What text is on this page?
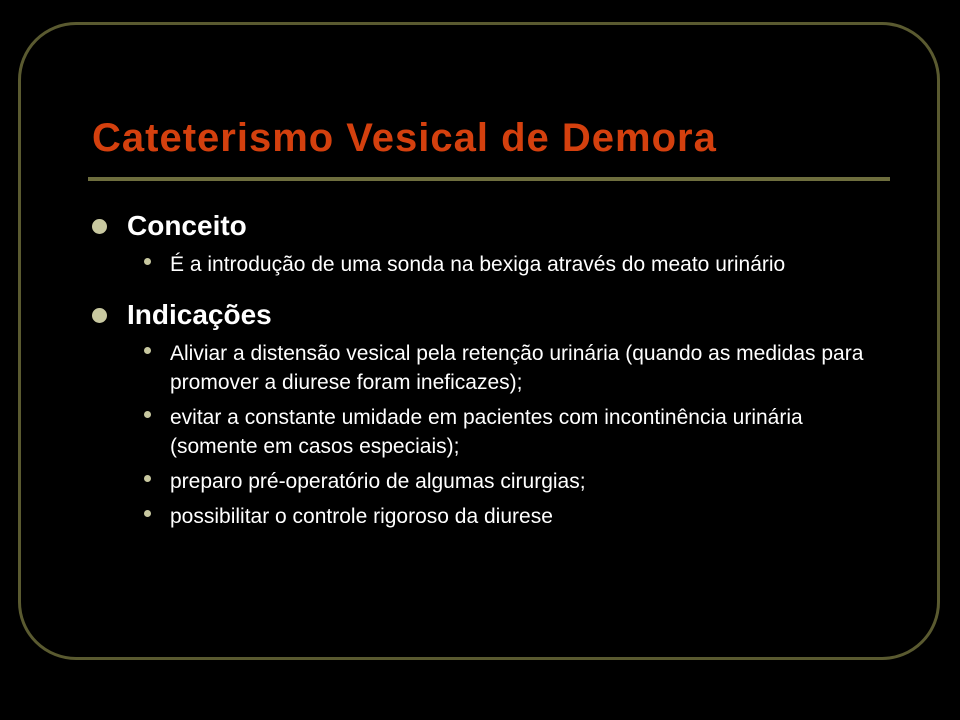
Cateterismo Vesical de Demora
Conceito
É a introdução de uma sonda na bexiga através do meato urinário
Indicações
Aliviar a distensão vesical pela retenção urinária (quando as medidas para promover a diurese foram ineficazes);
evitar a constante umidade em pacientes com incontinência urinária (somente em casos especiais);
preparo pré-operatório de algumas cirurgias;
possibilitar o controle rigoroso da diurese
